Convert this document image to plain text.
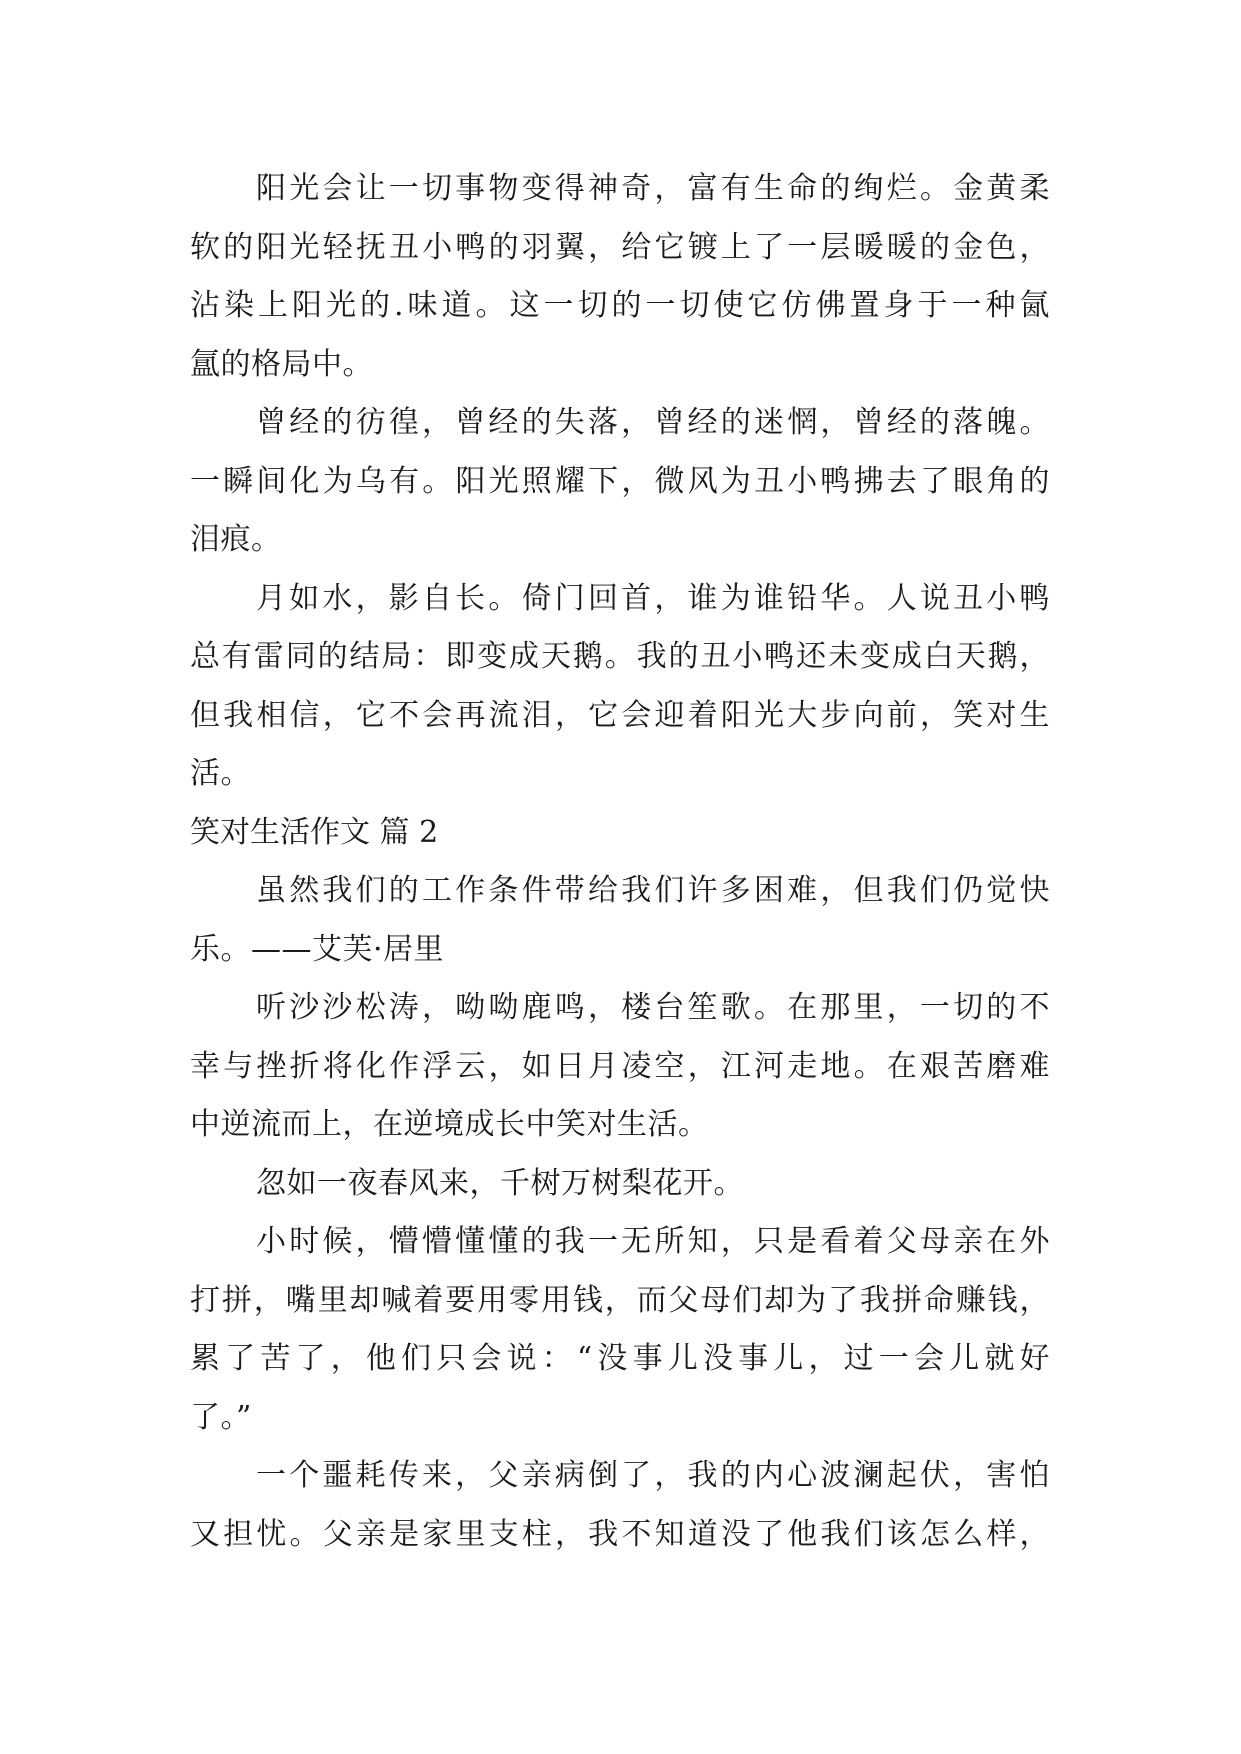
阳光会让一切事物变得神奇，富有生命的绚烂。金黄柔
软的阳光轻抚丑小鸭的羽翼，给它镀上了一层暖暖的金色，
沾染上阳光的.味道。这一切的一切使它仿佛置身于一种氤
氲的格局中。
曾经的彷徨，曾经的失落，曾经的迷惘，曾经的落魄。
一瞬间化为乌有。阳光照耀下，微风为丑小鸭拂去了眼角的
泪痕。
月如水，影自长。倚门回首，谁为谁铅华。人说丑小鸭
总有雷同的结局：即变成天鹅。我的丑小鸭还未变成白天鹅，
但我相信，它不会再流泪，它会迎着阳光大步向前，笑对生
活。
笑对生活作文 篇 2
虽然我们的工作条件带给我们许多困难，但我们仍觉快
乐。——艾芙·居里
听沙沙松涛，呦呦鹿鸣，楼台笙歌。在那里，一切的不
幸与挫折将化作浮云，如日月凌空，江河走地。在艰苦磨难
中逆流而上，在逆境成长中笑对生活。
忽如一夜春风来，千树万树梨花开。
小时候，懵懵懂懂的我一无所知，只是看着父母亲在外
打拼，嘴里却喊着要用零用钱，而父母们却为了我拼命赚钱，
累了苦了，他们只会说：“没事儿没事儿，过一会儿就好
了。”
一个噩耗传来，父亲病倒了，我的内心波澜起伏，害怕
又担忧。父亲是家里支柱，我不知道没了他我们该怎么样，
